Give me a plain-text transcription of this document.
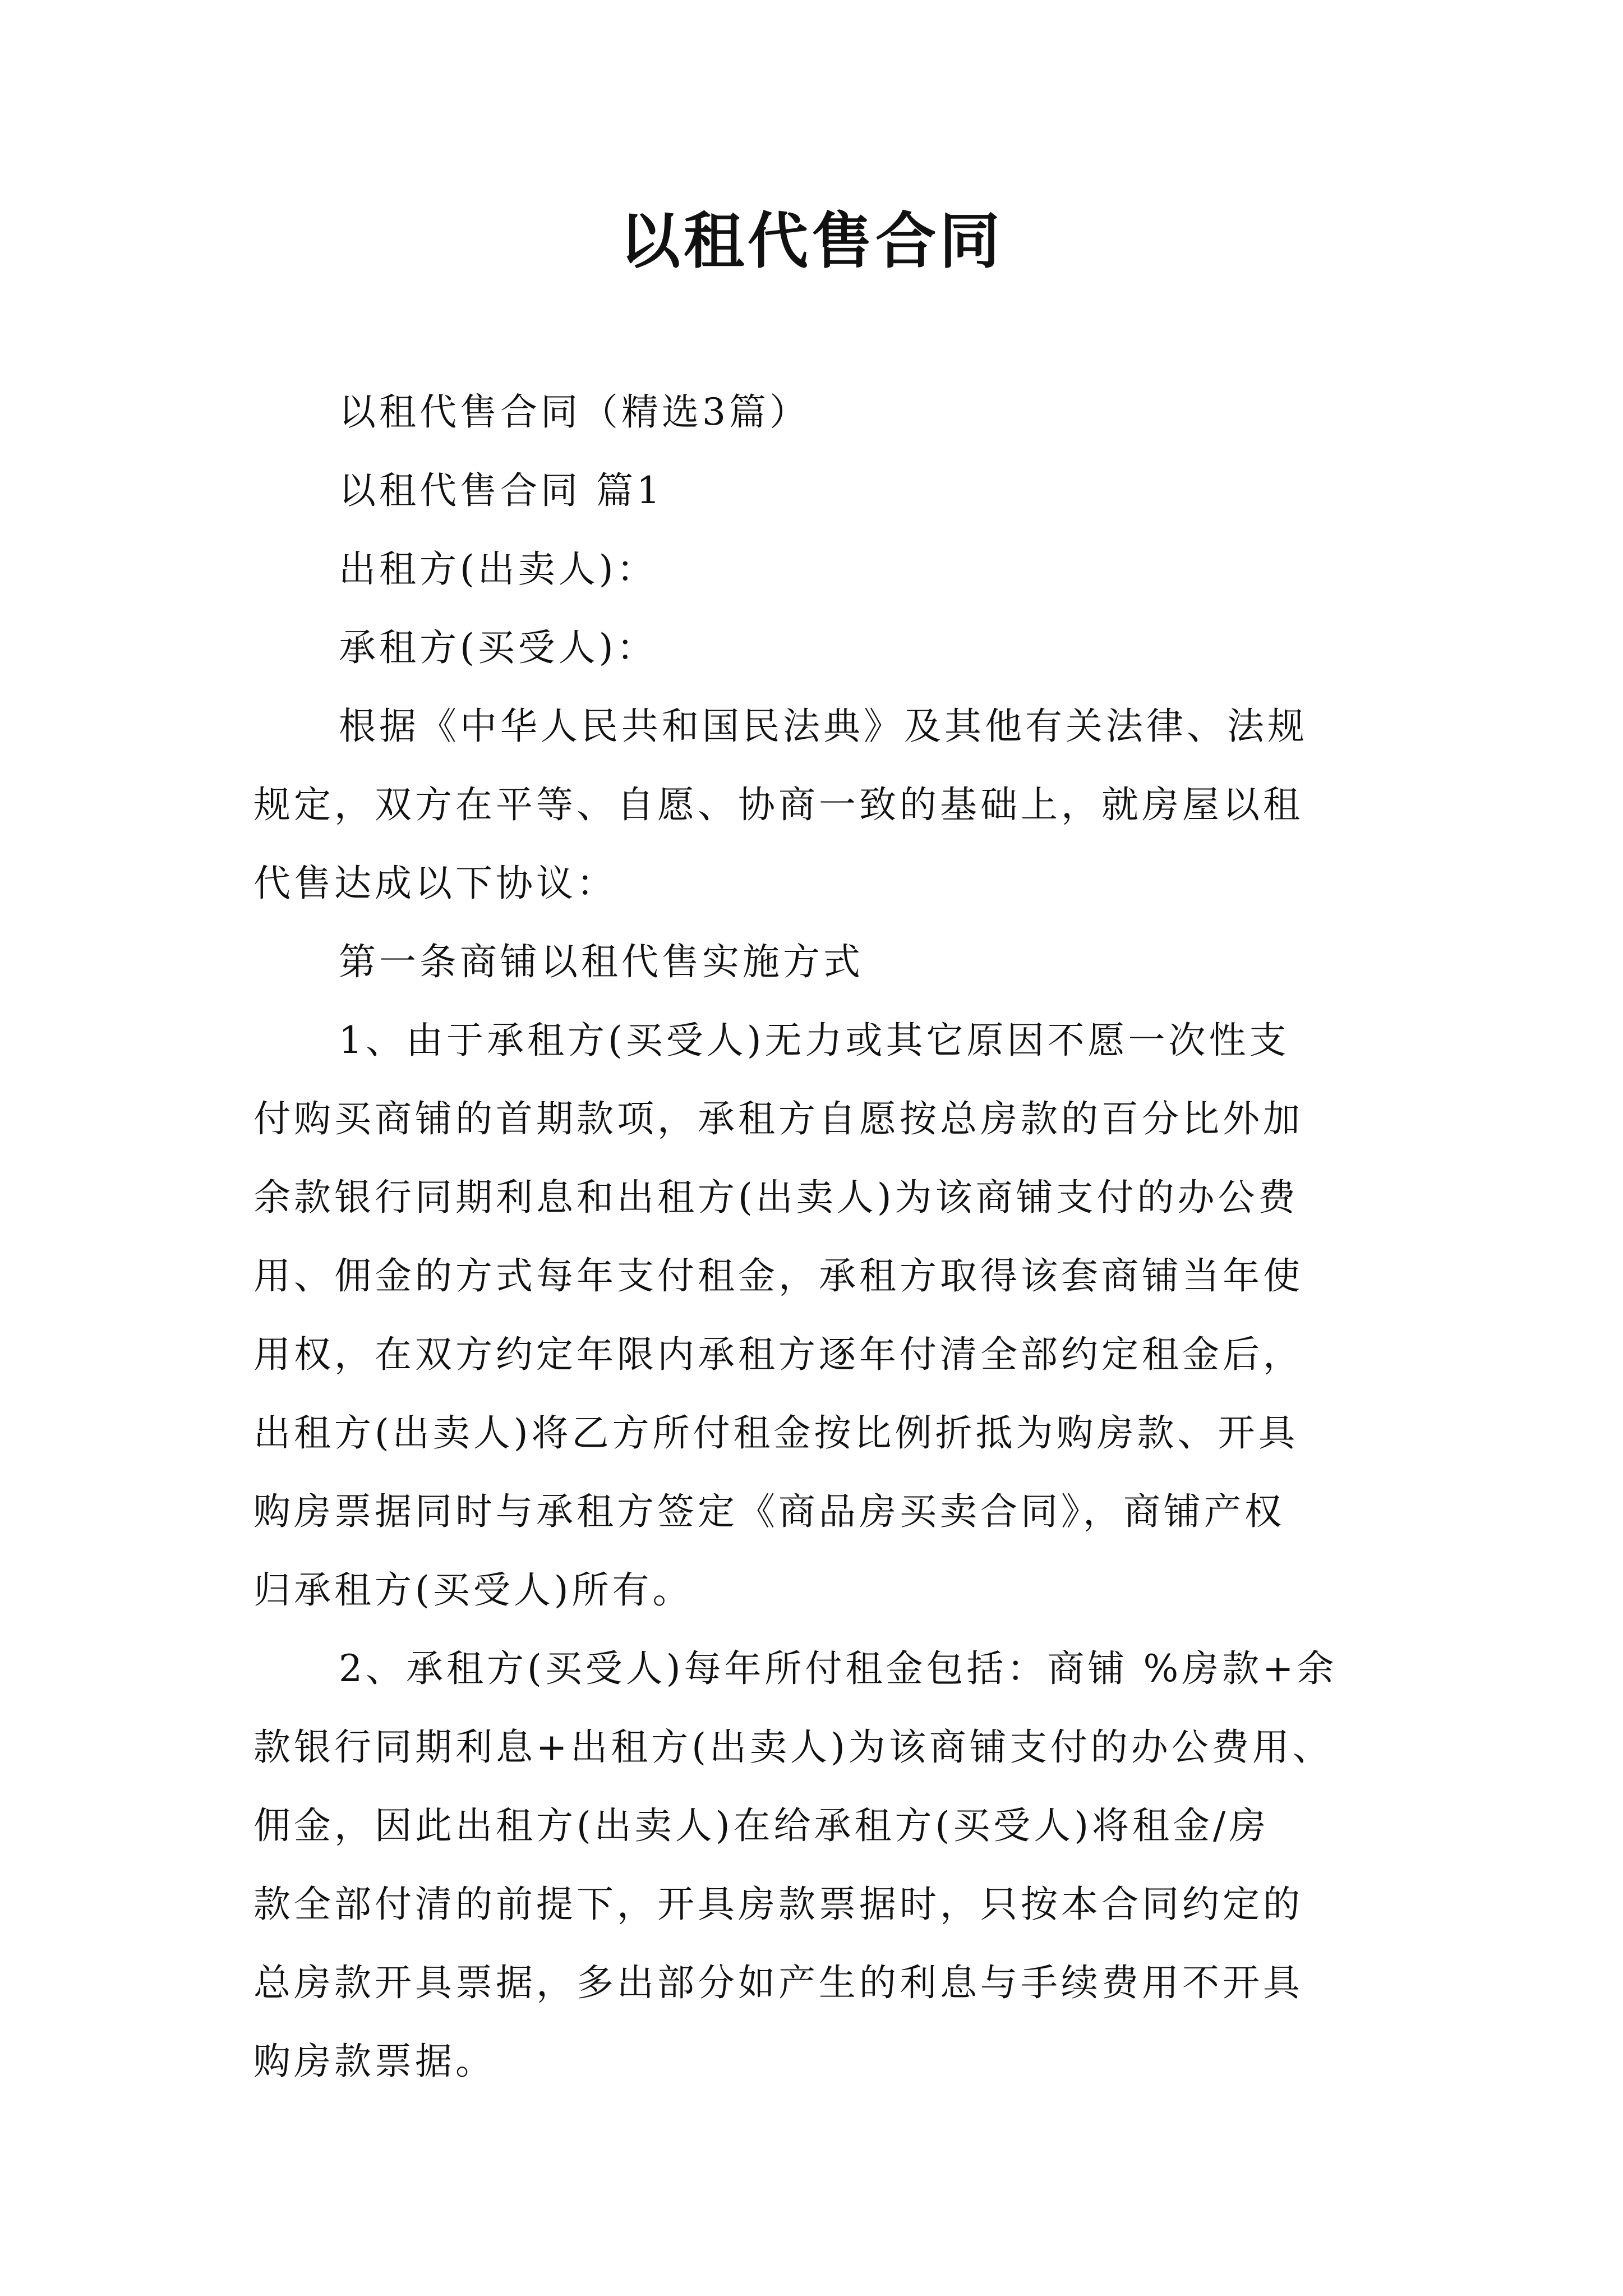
以租代售合同
以租代售合同（精选3篇）
以租代售合同 篇1
出租方(出卖人)：
承租方(买受人)：
根据《中华人民共和国民法典》及其他有关法律、法规
规定，双方在平等、自愿、协商一致的基础上，就房屋以租
代售达成以下协议：
第一条商铺以租代售实施方式
1、由于承租方(买受人)无力或其它原因不愿一次性支
付购买商铺的首期款项，承租方自愿按总房款的百分比外加
余款银行同期利息和出租方(出卖人)为该商铺支付的办公费
用、佣金的方式每年支付租金，承租方取得该套商铺当年使
用权，在双方约定年限内承租方逐年付清全部约定租金后，
出租方(出卖人)将乙方所付租金按比例折抵为购房款、开具
购房票据同时与承租方签定《商品房买卖合同》，商铺产权
归承租方(买受人)所有。
2、承租方(买受人)每年所付租金包括：商铺 %房款+余
款银行同期利息+出租方(出卖人)为该商铺支付的办公费用、
佣金，因此出租方(出卖人)在给承租方(买受人)将租金/房
款全部付清的前提下，开具房款票据时，只按本合同约定的
总房款开具票据，多出部分如产生的利息与手续费用不开具
购房款票据。
